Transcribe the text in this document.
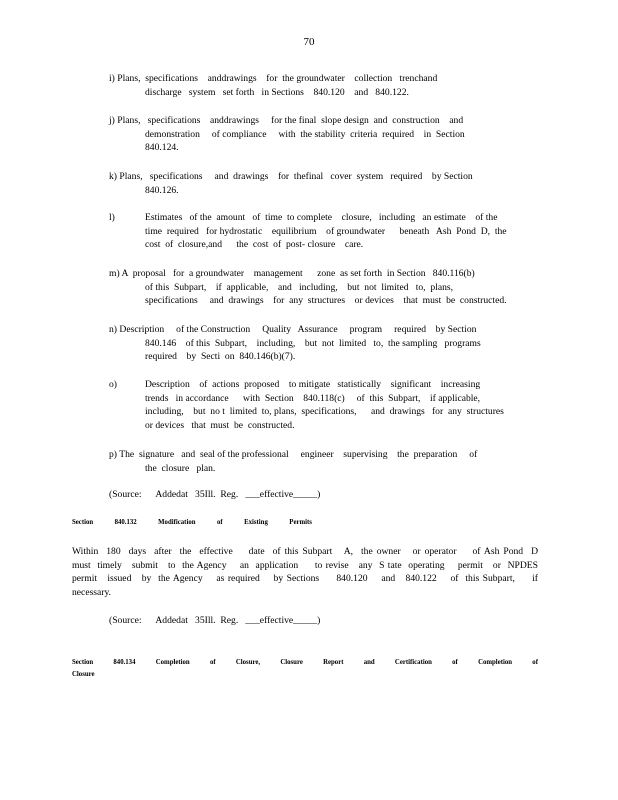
70
i) Plans,  specifications    anddrawings    for  the groundwater    collection   trenchand
discharge   system   set forth   in Sections    840.120    and   840.122.
j) Plans,   specifications    anddrawings     for the final  slope design  and  construction    and
demonstration     of compliance     with  the stability  criteria  required    in  Section
840.124.
k) Plans,   specifications     and  drawings    for  thefinal   cover  system   required    by Section
840.126.
l)	Estimates   of the  amount   of  time  to complete    closure,   including   an estimate    of the
time  required   for hydrostatic    equilibrium    of groundwater      beneath   Ash  Pond  D,  the
cost  of  closure,and      the  cost  of  post- closure    care.
m) A  proposal   for  a groundwater    management      zone  as set forth  in Section   840.116(b)
of this  Subpart,    if  applicable,    and   including,    but  not  limited   to,  plans,
specifications     and  drawings    for  any  structures    or devices    that  must  be  constructed.
n) Description     of the Construction     Quality   Assurance     program     required    by Section
840.146    of this  Subpart,    including,    but  not  limited   to,  the sampling   programs
required    by  Secti  on  840.146(b)(7).
o)	Description    of  actions  proposed    to mitigate   statistically    significant    increasing
trends   in accordance      with  Section    840.118(c)     of  this  Subpart,    if applicable,
including,    but  no t  limited  to, plans,  specifications,      and  drawings   for  any  structures
or devices   that  must  be  constructed.
p) The  signature   and  seal of the professional     engineer    supervising    the  preparation     of
the  closure   plan.
(Source:      Addedat   35Ill.  Reg.   ___effective_____)
Section	840.132	Modification	of	Existing	Permits
Within  180  days  after  the  effective    date  of this Subpart   A,  the owner   or operator    of Ash Pond  D
must  timely   submit   to  the Agency    an  application     to revise   any  S tate  operating    permit   or  NPDES
permit   issued   by  the Agency    as required    by Sections     840.120    and   840.122    of  this Subpart,     if
necessary.
(Source:      Addedat   35Ill.  Reg.   ___effective_____)
Section	840.134	Completion	of	Closure,	Closure	Report	and	Certification	of	Completion	of
Closure
